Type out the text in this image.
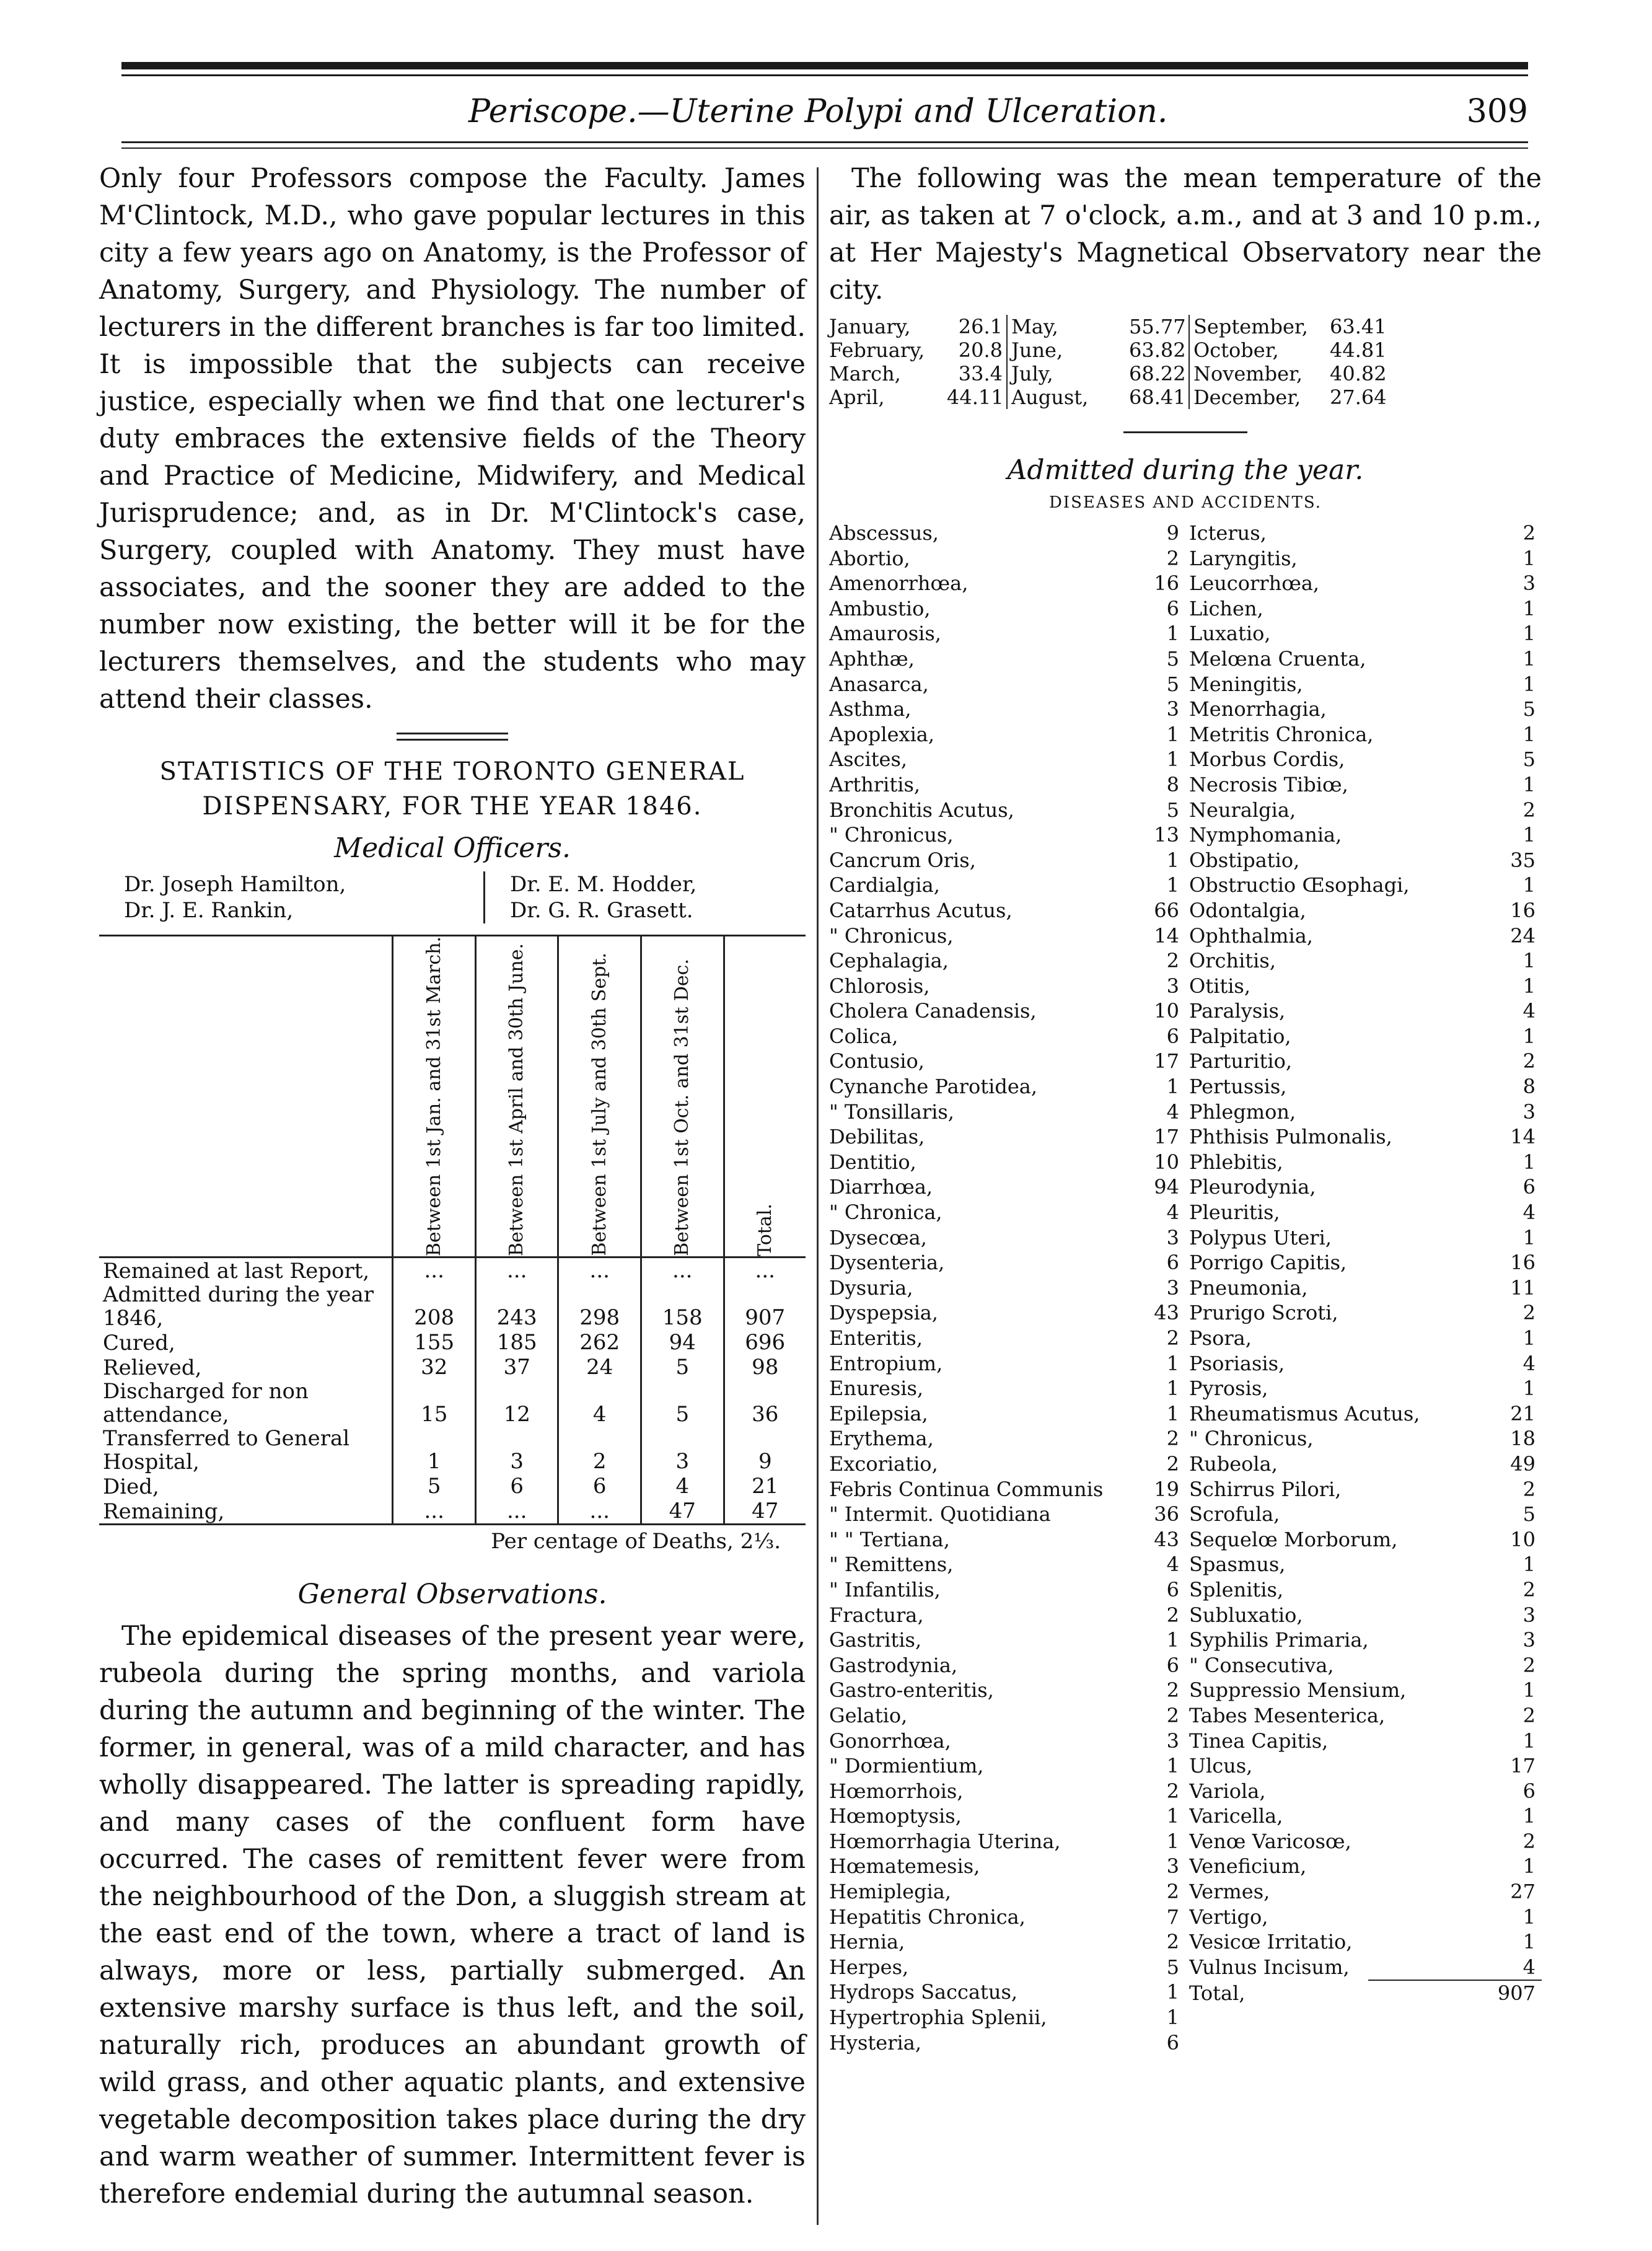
Periscope.—Uterine Polypi and Ulceration.	309

Only four Professors compose the Faculty. James M'Clintock, M.D., who gave popular lectures in this city a few years ago on Anatomy, is the Professor of Anatomy, Surgery, and Physiology. The number of lecturers in the different branches is far too limited. It is impossible that the subjects can receive justice, especially when we find that one lecturer's duty embraces the extensive fields of the Theory and Practice of Medicine, Midwifery, and Medical Jurisprudence; and, as in Dr. M'Clintock's case, Surgery, coupled with Anatomy. They must have associates, and the sooner they are added to the number now existing, the better will it be for the lecturers themselves, and the students who may attend their classes.

STATISTICS OF THE TORONTO GENERAL
DISPENSARY, FOR THE YEAR 1846.
Medical Officers.
Dr. Joseph Hamilton,
Dr. J. E. Rankin,
Dr. E. M. Hodder,
Dr. G. R. Grasett.

	Between 1st Jan. and 31st March.	Between 1st April and 30th June.	Between 1st July and 30th Sept.	Between 1st Oct. and 31st Dec.	Total.

Remained at last Report,	...	...	...	...	...
Admitted during the year 1846,	208	243	298	158	907
Cured,	155	185	262	94	696
Relieved,	32	37	24	5	98
Discharged for non attendance,	15	12	4	5	36
Transferred to General Hospital,	1	3	2	3	9
Died,	5	6	6	4	21
Remaining,	...	...	...	47	47
Per centage of Deaths, 2⅓.
General Observations.

The epidemical diseases of the present year were, rubeola during the spring months, and variola during the autumn and beginning of the winter. The former, in general, was of a mild character, and has wholly disappeared. The latter is spreading rapidly, and many cases of the confluent form have occurred. The cases of remittent fever were from the neighbourhood of the Don, a sluggish stream at the east end of the town, where a tract of land is always, more or less, partially submerged. An extensive marshy surface is thus left, and the soil, naturally rich, produces an abundant growth of wild grass, and other aquatic plants, and extensive vegetable decomposition takes place during the dry and warm weather of summer. Intermittent fever is therefore endemial during the autumnal season.

The following was the mean temperature of the air, as taken at 7 o'clock, a.m., and at 3 and 10 p.m., at Her Majesty's Magnetical Observatory near the city.

January,	26.1
February,	20.8
March,	33.4
April,	44.11
May,	55.77
June,	63.82
July,	68.22
August,	68.41
September,	63.41
October,	44.81
November,	40.82
December,	27.64
Admitted during the year.
DISEASES AND ACCIDENTS.
Abscessus,	9
Abortio,	2
Amenorrhœa,	16
Ambustio,	6
Amaurosis,	1
Aphthæ,	5
Anasarca,	5
Asthma,	3
Apoplexia,	1
Ascites,	1
Arthritis,	8
Bronchitis Acutus,	5
" Chronicus,	13
Cancrum Oris,	1
Cardialgia,	1
Catarrhus Acutus,	66
" Chronicus,	14
Cephalagia,	2
Chlorosis,	3
Cholera Canadensis,	10
Colica,	6
Contusio,	17
Cynanche Parotidea,	1
" Tonsillaris,	4
Debilitas,	17
Dentitio,	10
Diarrhœa,	94
" Chronica,	4
Dysecœa,	3
Dysenteria,	6
Dysuria,	3
Dyspepsia,	43
Enteritis,	2
Entropium,	1
Enuresis,	1
Epilepsia,	1
Erythema,	2
Excoriatio,	2
Febris Continua Communis	19
" Intermit. Quotidiana	36
" " Tertiana,	43
" Remittens,	4
" Infantilis,	6
Fractura,	2
Gastritis,	1
Gastrodynia,	6
Gastro-enteritis,	2
Gelatio,	2
Gonorrhœa,	3
" Dormientium,	1
Hœmorrhois,	2
Hœmoptysis,	1
Hœmorrhagia Uterina,	1
Hœmatemesis,	3
Hemiplegia,	2
Hepatitis Chronica,	7
Hernia,	2
Herpes,	5
Hydrops Saccatus,	1
Hypertrophia Splenii,	1
Hysteria,	6
Icterus,	2
Laryngitis,	1
Leucorrhœa,	3
Lichen,	1
Luxatio,	1
Melœna Cruenta,	1
Meningitis,	1
Menorrhagia,	5
Metritis Chronica,	1
Morbus Cordis,	5
Necrosis Tibiœ,	1
Neuralgia,	2
Nymphomania,	1
Obstipatio,	35
Obstructio Œsophagi,	1
Odontalgia,	16
Ophthalmia,	24
Orchitis,	1
Otitis,	1
Paralysis,	4
Palpitatio,	1
Parturitio,	2
Pertussis,	8
Phlegmon,	3
Phthisis Pulmonalis,	14
Phlebitis,	1
Pleurodynia,	6
Pleuritis,	4
Polypus Uteri,	1
Porrigo Capitis,	16
Pneumonia,	11
Prurigo Scroti,	2
Psora,	1
Psoriasis,	4
Pyrosis,	1
Rheumatismus Acutus,	21
" Chronicus,	18
Rubeola,	49
Schirrus Pilori,	2
Scrofula,	5
Sequelœ Morborum,	10
Spasmus,	1
Splenitis,	2
Subluxatio,	3
Syphilis Primaria,	3
" Consecutiva,	2
Suppressio Mensium,	1
Tabes Mesenterica,	2
Tinea Capitis,	1
Ulcus,	17
Variola,	6
Varicella,	1
Venœ Varicosœ,	2
Veneficium,	1
Vermes,	27
Vertigo,	1
Vesicœ Irritatio,	1
Vulnus Incisum,	4
Total,	907
